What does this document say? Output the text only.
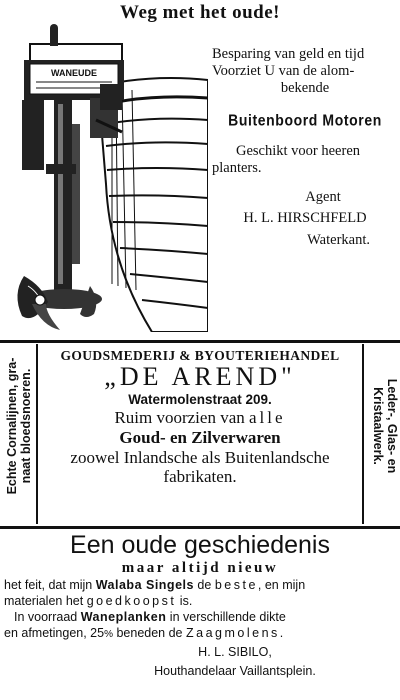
Weg met het oude!
WANEUDE
Besparing van geld en tijd
Voorziet U van de alom-
bekende
Buitenboord Motoren
Geschikt voor heeren
planters.
Agent
H. L. HIRSCHFELD
Waterkant.
Echte Cornalijnen, gra-
naat bloedsnoeren.
GOUDSMEDERIJ & BYOUTERIEHANDEL
„DE AREND"
Watermolenstraat 209.
Ruim voorzien van alle
Goud- en Zilverwaren
zoowel Inlandsche als Buitenlandsche
fabrikaten.
Leder-, Glas- en
Kristaalwerk.
Een oude geschiedenis
maar altijd nieuw
het feit, dat mijn Walaba Singels de beste, en mijn
materialen het goedkoopst is.
In voorraad Waneplanken in verschillende dikte
en afmetingen, 25% beneden de Zaagmolens.
H. L. SIBILO,
Houthandelaar Vaillantsplein.
